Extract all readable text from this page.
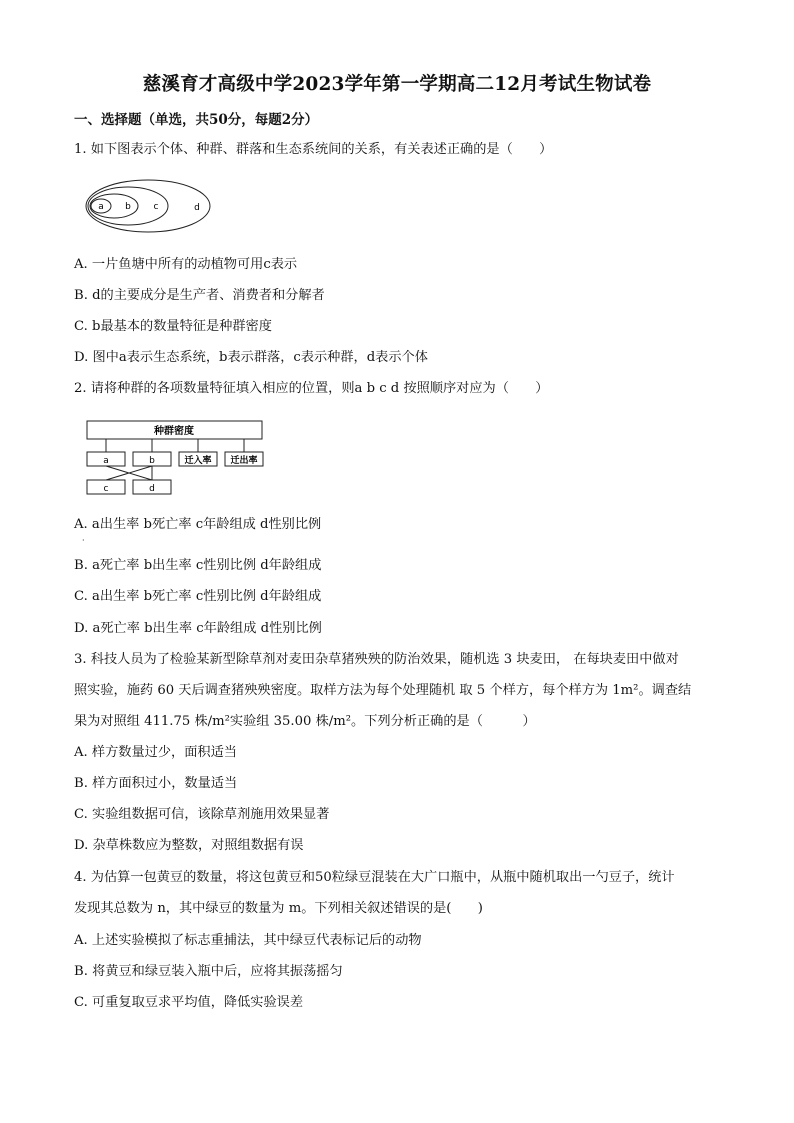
慈溪育才高级中学2023学年第一学期高二12月考试生物试卷
一、选择题（单选，共50分，每题2分）
1. 如下图表示个体、种群、群落和生态系统间的关系，有关表述正确的是（　　）
a b	c	d
A. 一片鱼塘中所有的动植物可用c表示
B. d的主要成分是生产者、消费者和分解者
C. b最基本的数量特征是种群密度
D. 图中a表示生态系统，b表示群落，c表示种群，d表示个体
2. 请将种群的各项数量特征填入相应的位置，则a b c d 按照顺序对应为（　　）
种群密度
a	b	迁入率 迁出率
c	d
A. a出生率 b死亡率 c年龄组成 d性别比例
·
B. a死亡率 b出生率 c性别比例 d年龄组成
C. a出生率 b死亡率 c性别比例 d年龄组成
D. a死亡率 b出生率 c年龄组成 d性别比例
3. 科技人员为了检验某新型除草剂对麦田杂草猪殃殃的防治效果，随机选 3 块麦田， 在每块麦田中做对
照实验，施药 60 天后调查猪殃殃密度。取样方法为每个处理随机 取 5 个样方，每个样方为 1m²。调查结
果为对照组 411.75 株/m²实验组 35.00 株/m²。下列分析正确的是（　　　）
A. 样方数量过少，面积适当
B. 样方面积过小，数量适当
C. 实验组数据可信，该除草剂施用效果显著
D. 杂草株数应为整数，对照组数据有误
4. 为估算一包黄豆的数量，将这包黄豆和50粒绿豆混装在大广口瓶中，从瓶中随机取出一勺豆子，统计
发现其总数为 n，其中绿豆的数量为 m。下列相关叙述错误的是(　　)
A. 上述实验模拟了标志重捕法，其中绿豆代表标记后的动物
B. 将黄豆和绿豆装入瓶中后，应将其振荡摇匀
C. 可重复取豆求平均值，降低实验误差
